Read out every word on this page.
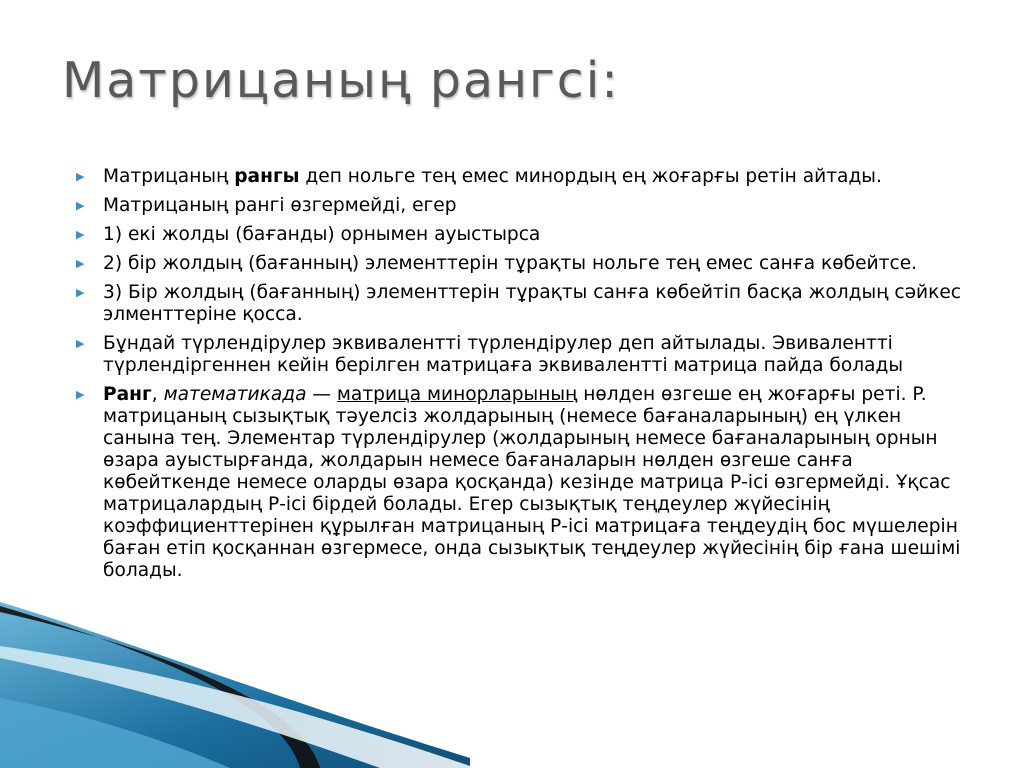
Матрицаның рангсі:
▶ Матрицаның рангы деп нольге тең емес минордың ең жоғарғы ретін айтады.
▶ Матрицаның рангі өзгермейді, егер
▶ 1) екі жолды (бағанды) орнымен ауыстырса
▶ 2) бір жолдың (бағанның) элементтерін тұрақты нольге тең емес санға көбейтсе.
▶ 3) Бір жолдың (бағанның) элементтерін тұрақты санға көбейтіп басқа жолдың сәйкес элменттеріне қосса.
▶ Бұндай түрлендірулер эквиваленттi түрлендiрулер деп айтылады. Эвиваленттi түрлендiргеннен кейiн берiлген матрицаға эквиваленттi матрица пайда болады
▶ Ранг, математикада — матрица минорларының нөлден өзгеше ең жоғарғы реті. P. матрицаның сызықтық тәуелсіз жолдарының (немесе бағаналарының) ең үлкен санына тең. Элементар түрлендірулер (жолдарының немесе бағаналарының орнын өзара ауыстырғанда, жолдарын немесе бағаналарын нөлден өзгеше санға көбейткенде немесе оларды өзара қосқанда) кезінде матрица Р-ісі өзгермейді. Ұқсас матрицалардың Р-ісі бірдей болады. Егер сызықтық теңдеулер жүйесінің коэффициенттерінен құрылған матрицаның Р-ісі матрицаға теңдеудің бос мүшелерін баған етіп қосқаннан өзгермесе, онда сызықтық теңдеулер жүйесінің бір ғана шешімі болады.
